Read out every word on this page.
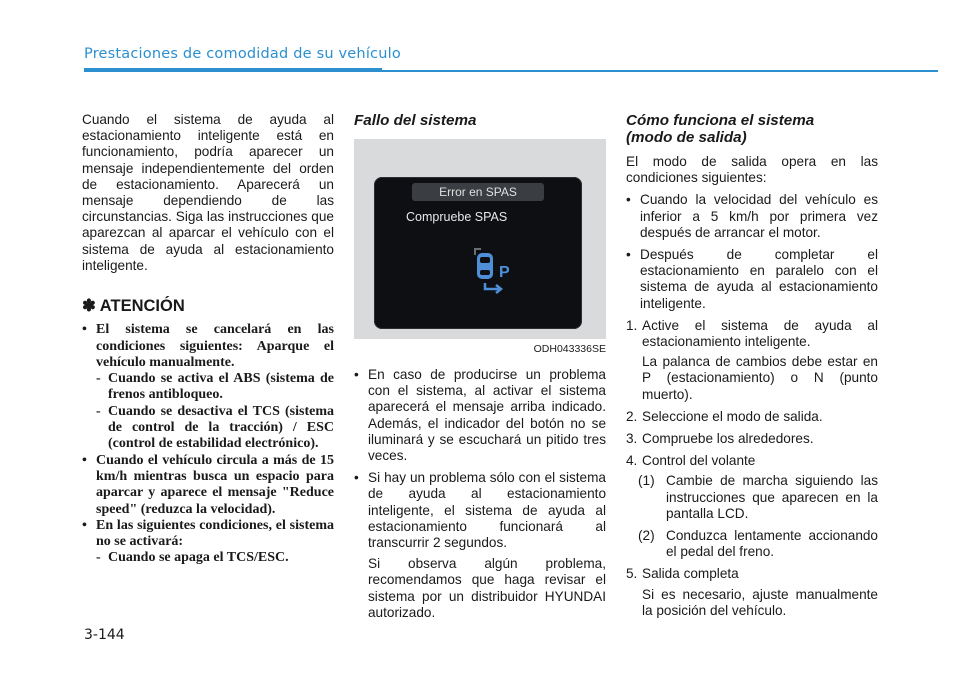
Prestaciones de comodidad de su vehículo
Cuando el sistema de ayuda al estacionamiento inteligente está en funcionamiento, podría aparecer un mensaje independientemente del orden de estacionamiento. Aparecerá un mensaje dependiendo de las circunstancias. Siga las instrucciones que aparezcan al aparcar el vehículo con el sistema de ayuda al estacionamiento inteligente.
✽ ATENCIÓN
• El sistema se cancelará en las condiciones siguientes: Aparque el vehículo manualmente.
- Cuando se activa el ABS (sistema de frenos antibloqueo.
- Cuando se desactiva el TCS (sistema de control de la tracción) / ESC (control de estabilidad electrónico).
• Cuando el vehículo circula a más de 15 km/h mientras busca un espacio para aparcar y aparece el mensaje "Reduce speed" (reduzca la velocidad).
• En las siguientes condiciones, el sistema no se activará:
- Cuando se apaga el TCS/ESC.
Fallo del sistema
Error en SPAS
Compruebe SPAS
P
ODH043336SE
• En caso de producirse un problema con el sistema, al activar el sistema aparecerá el mensaje arriba indicado. Además, el indicador del botón no se iluminará y se escuchará un pitido tres veces.
• Si hay un problema sólo con el sistema de ayuda al estacionamiento inteligente, el sistema de ayuda al estacionamiento funcionará al transcurrir 2 segundos.
Si observa algún problema, recomendamos que haga revisar el sistema por un distribuidor HYUNDAI autorizado.
Cómo funciona el sistema
(modo de salida)
El modo de salida opera en las condiciones siguientes:
• Cuando la velocidad del vehículo es inferior a 5 km/h por primera vez después de arrancar el motor.
• Después de completar el estacionamiento en paralelo con el sistema de ayuda al estacionamiento inteligente.
1. Active el sistema de ayuda al estacionamiento inteligente.
La palanca de cambios debe estar en P (estacionamiento) o N (punto muerto).
2. Seleccione el modo de salida.
3. Compruebe los alrededores.
4. Control del volante
(1) Cambie de marcha siguiendo las instrucciones que aparecen en la pantalla LCD.
(2) Conduzca lentamente accionando el pedal del freno.
5. Salida completa
Si es necesario, ajuste manualmente la posición del vehículo.
3-144
